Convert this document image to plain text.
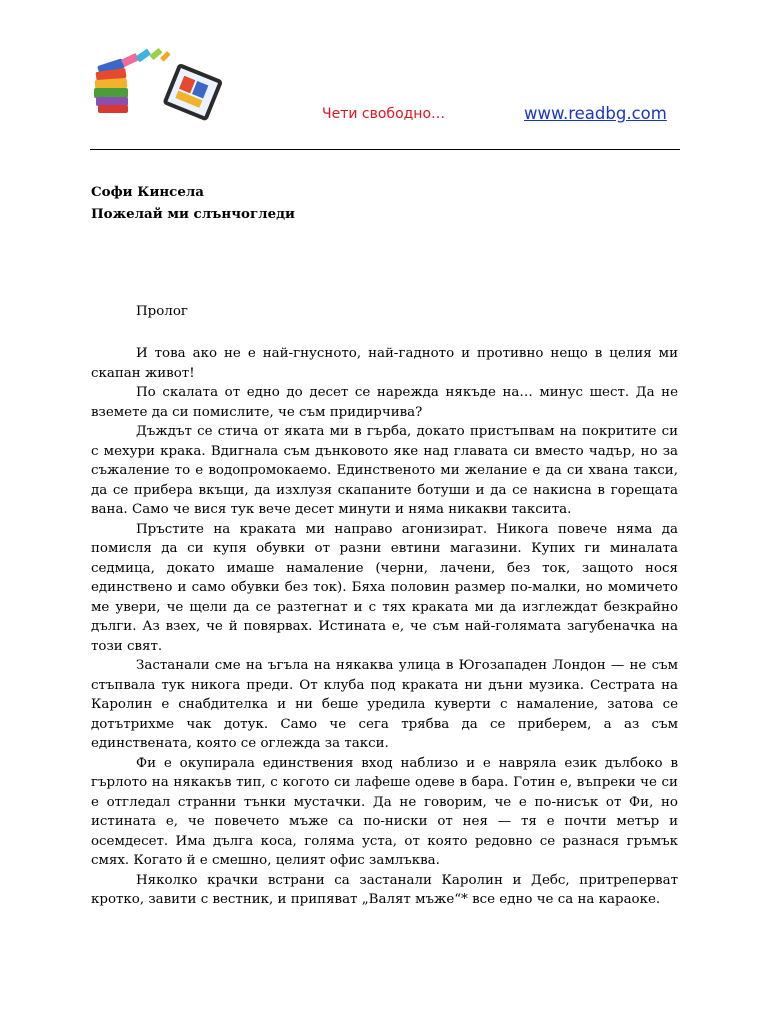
Чети свободно…	www.readbg.com
Софи Кинсела
Пожелай ми слънчогледи
Пролог

И това ако не е най-гнусното, най-гадното и противно нещо в целия ми скапан живот!

По скалата от едно до десет се нарежда някъде на… минус шест. Да не вземете да си помислите, че съм придирчива?

Дъждът се стича от яката ми в гърба, докато пристъпвам на покритите си с мехури крака. Вдигнала съм дънковото яке над главата си вместо чадър, но за съжаление то е водопромокаемо. Единственото ми желание е да си хвана такси, да се прибера вкъщи, да изхлузя скапаните ботуши и да се накисна в горещата вана. Само че вися тук вече десет минути и няма никакви таксита.

Пръстите на краката ми направо агонизират. Никога повече няма да помисля да си купя обувки от разни евтини магазини. Купих ги миналата седмица, докато имаше намаление (черни, лачени, без ток, защото нося единствено и само обувки без ток). Бяха половин размер по-малки, но момичето ме увери, че щели да се разтегнат и с тях краката ми да изглеждат безкрайно дълги. Аз взех, че й повярвах. Истината е, че съм най-голямата загубеначка на този свят.

Застанали сме на ъгъла на някаква улица в Югозападен Лондон — не съм стъпвала тук никога преди. От клуба под краката ни дъни музика. Сестрата на Каролин е снабдителка и ни беше уредила куверти с намаление, затова се дотътрихме чак дотук. Само че сега трябва да се приберем, а аз съм единствената, която се оглежда за такси.

Фи е окупирала единствения вход наблизо и е навряла език дълбоко в гърлото на някакъв тип, с когото си лафеше одеве в бара. Готин е, въпреки че си е отгледал странни тънки мустачки. Да не говорим, че е по-нисък от Фи, но истината е, че повечето мъже са по-ниски от нея — тя е почти метър и осемдесет. Има дълга коса, голяма уста, от която редовно се разнася гръмък смях. Когато й е смешно, целият офис замлъква.

Няколко крачки встрани са застанали Каролин и Дебс, притреперват кротко, завити с вестник, и припяват „Валят мъже“* все едно че са на караоке.
